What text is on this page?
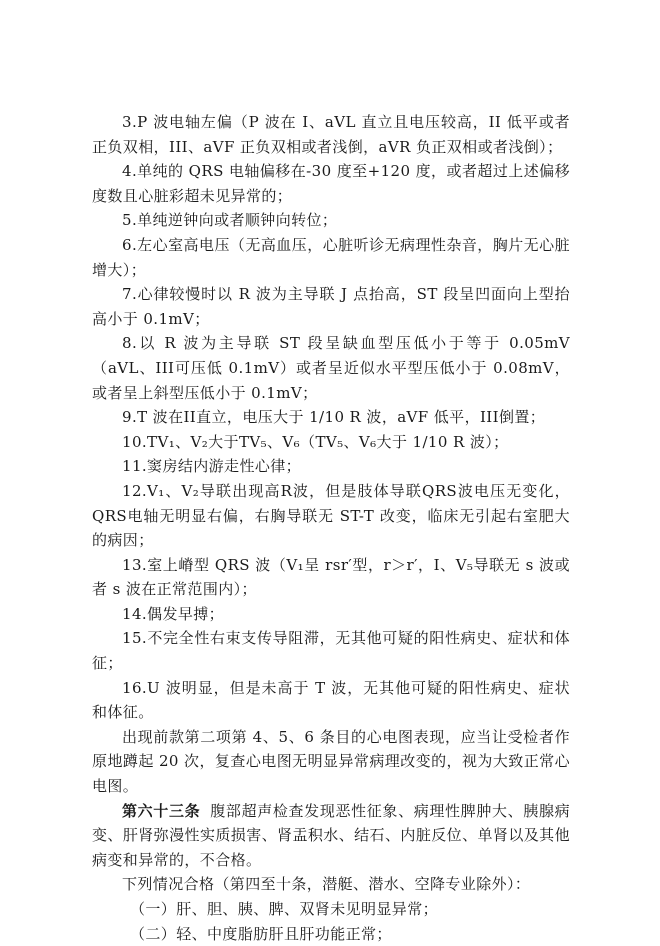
3.P 波电轴左偏（P 波在 I、aVL 直立且电压较高，II 低平或者正负双相，III、aVF 正负双相或者浅倒，aVR 负正双相或者浅倒）；

4.单纯的 QRS 电轴偏移在-30 度至+120 度，或者超过上述偏移度数且心脏彩超未见异常的；

5.单纯逆钟向或者顺钟向转位；

6.左心室高电压（无高血压，心脏听诊无病理性杂音，胸片无心脏增大）；

7.心律较慢时以 R 波为主导联 J 点抬高，ST 段呈凹面向上型抬高小于 0.1mV；

8.以 R 波为主导联 ST 段呈缺血型压低小于等于 0.05mV（aVL、III可压低 0.1mV）或者呈近似水平型压低小于 0.08mV，或者呈上斜型压低小于 0.1mV；

9.T 波在II直立，电压大于 1/10 R 波，aVF 低平，III倒置；

10.TV₁、V₂大于TV₅、V₆（TV₅、V₆大于 1/10 R 波）；

11.窦房结内游走性心律；

12.V₁、V₂导联出现高R波，但是肢体导联QRS波电压无变化，QRS电轴无明显右偏，右胸导联无 ST-T 改变，临床无引起右室肥大的病因；

13.室上嵴型 QRS 波（V₁呈 rsr′型，r＞r′，I、V₅导联无 s 波或者 s 波在正常范围内）；

14.偶发早搏；

15.不完全性右束支传导阻滞，无其他可疑的阳性病史、症状和体征；

16.U 波明显，但是未高于 T 波，无其他可疑的阳性病史、症状和体征。

出现前款第二项第 4、5、6 条目的心电图表现，应当让受检者作原地蹲起 20 次，复查心电图无明显异常病理改变的，视为大致正常心电图。

第六十三条 腹部超声检查发现恶性征象、病理性脾肿大、胰腺病变、肝肾弥漫性实质损害、肾盂积水、结石、内脏反位、单肾以及其他病变和异常的，不合格。

下列情况合格（第四至十条，潜艇、潜水、空降专业除外）：

（一）肝、胆、胰、脾、双肾未见明显异常；

（二）轻、中度脂肪肝且肝功能正常；
